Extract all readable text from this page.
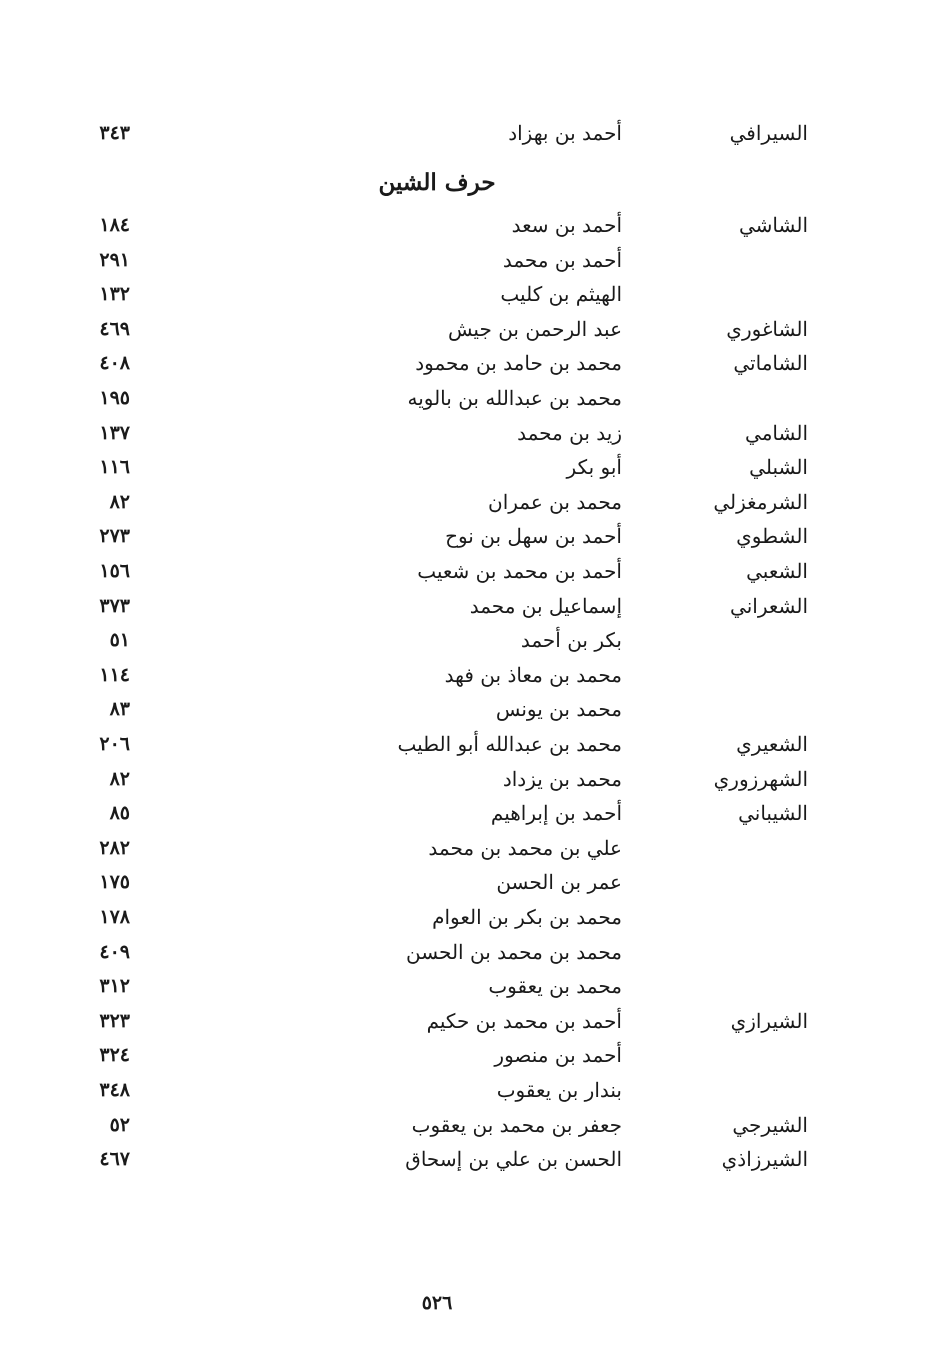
السيرافي
أحمد بن بهزاد
٣٤٣
حرف الشين
الشاشي
أحمد بن سعد
١٨٤
أحمد بن محمد
٢٩١
الهيثم بن كليب
١٣٢
الشاغوري
عبد الرحمن بن جيش
٤٦٩
الشاماتي
محمد بن حامد بن محمود
٤٠٨
محمد بن عبدالله بن بالويه
١٩٥
الشامي
زيد بن محمد
١٣٧
الشبلي
أبو بكر
١١٦
الشرمغزلي
محمد بن عمران
٨٢
الشطوي
أحمد بن سهل بن نوح
٢٧٣
الشعبي
أحمد بن محمد بن شعيب
١٥٦
الشعراني
إسماعيل بن محمد
٣٧٣
بكر بن أحمد
٥١
محمد بن معاذ بن فهد
١١٤
محمد بن يونس
٨٣
الشعيري
محمد بن عبدالله أبو الطيب
٢٠٦
الشهرزوري
محمد بن يزداد
٨٢
الشيباني
أحمد بن إبراهيم
٨٥
علي بن محمد بن محمد
٢٨٢
عمر بن الحسن
١٧٥
محمد بن بكر بن العوام
١٧٨
محمد بن محمد بن الحسن
٤٠٩
محمد بن يعقوب
٣١٢
الشيرازي
أحمد بن محمد بن حكيم
٣٢٣
أحمد بن منصور
٣٢٤
بندار بن يعقوب
٣٤٨
الشيرجي
جعفر بن محمد بن يعقوب
٥٢
الشيرزاذي
الحسن بن علي بن إسحاق
٤٦٧
٥٢٦
